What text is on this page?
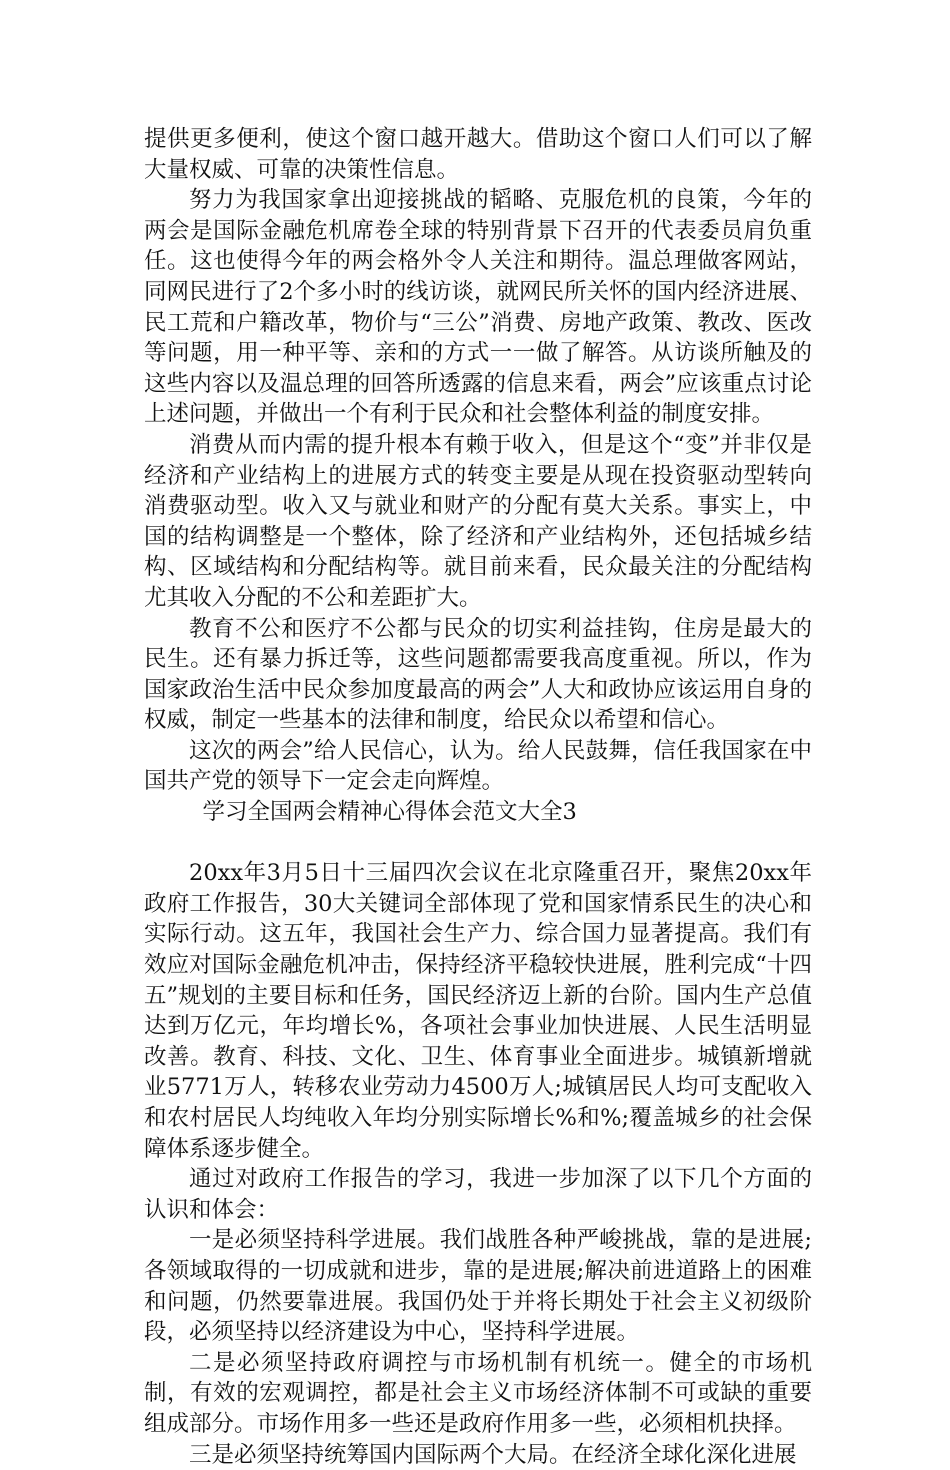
提供更多便利，使这个窗口越开越大。借助这个窗口人们可以了解大量权威、可靠的决策性信息。

努力为我国家拿出迎接挑战的韬略、克服危机的良策，今年的两会是国际金融危机席卷全球的特别背景下召开的代表委员肩负重任。这也使得今年的两会格外令人关注和期待。温总理做客网站，同网民进行了2个多小时的线访谈，就网民所关怀的国内经济进展、民工荒和户籍改革，物价与“三公”消费、房地产政策、教改、医改等问题，用一种平等、亲和的方式一一做了解答。从访谈所触及的这些内容以及温总理的回答所透露的信息来看，两会”应该重点讨论上述问题，并做出一个有利于民众和社会整体利益的制度安排。

消费从而内需的提升根本有赖于收入，但是这个“变”并非仅是经济和产业结构上的进展方式的转变主要是从现在投资驱动型转向消费驱动型。收入又与就业和财产的分配有莫大关系。事实上，中国的结构调整是一个整体，除了经济和产业结构外，还包括城乡结构、区域结构和分配结构等。就目前来看，民众最关注的分配结构尤其收入分配的不公和差距扩大。

教育不公和医疗不公都与民众的切实利益挂钩，住房是最大的民生。还有暴力拆迁等，这些问题都需要我高度重视。所以，作为国家政治生活中民众参加度最高的两会”人大和政协应该运用自身的权威，制定一些基本的法律和制度，给民众以希望和信心。

这次的两会”给人民信心，认为。给人民鼓舞，信任我国家在中国共产党的领导下一定会走向辉煌。

学习全国两会精神心得体会范文大全3

20xx年3月5日十三届四次会议在北京隆重召开，聚焦20xx年政府工作报告，30大关键词全部体现了党和国家情系民生的决心和实际行动。这五年，我国社会生产力、综合国力显著提高。我们有效应对国际金融危机冲击，保持经济平稳较快进展，胜利完成“十四五”规划的主要目标和任务，国民经济迈上新的台阶。国内生产总值达到万亿元，年均增长%，各项社会事业加快进展、人民生活明显改善。教育、科技、文化、卫生、体育事业全面进步。城镇新增就业5771万人，转移农业劳动力4500万人;城镇居民人均可支配收入和农村居民人均纯收入年均分别实际增长%和%;覆盖城乡的社会保障体系逐步健全。

通过对政府工作报告的学习，我进一步加深了以下几个方面的认识和体会：

一是必须坚持科学进展。我们战胜各种严峻挑战，靠的是进展;各领域取得的一切成就和进步，靠的是进展;解决前进道路上的困难和问题，仍然要靠进展。我国仍处于并将长期处于社会主义初级阶段，必须坚持以经济建设为中心，坚持科学进展。

二是必须坚持政府调控与市场机制有机统一。健全的市场机制，有效的宏观调控，都是社会主义市场经济体制不可或缺的重要组成部分。市场作用多一些还是政府作用多一些，必须相机抉择。

三是必须坚持统筹国内国际两个大局。在经济全球化深化进展
